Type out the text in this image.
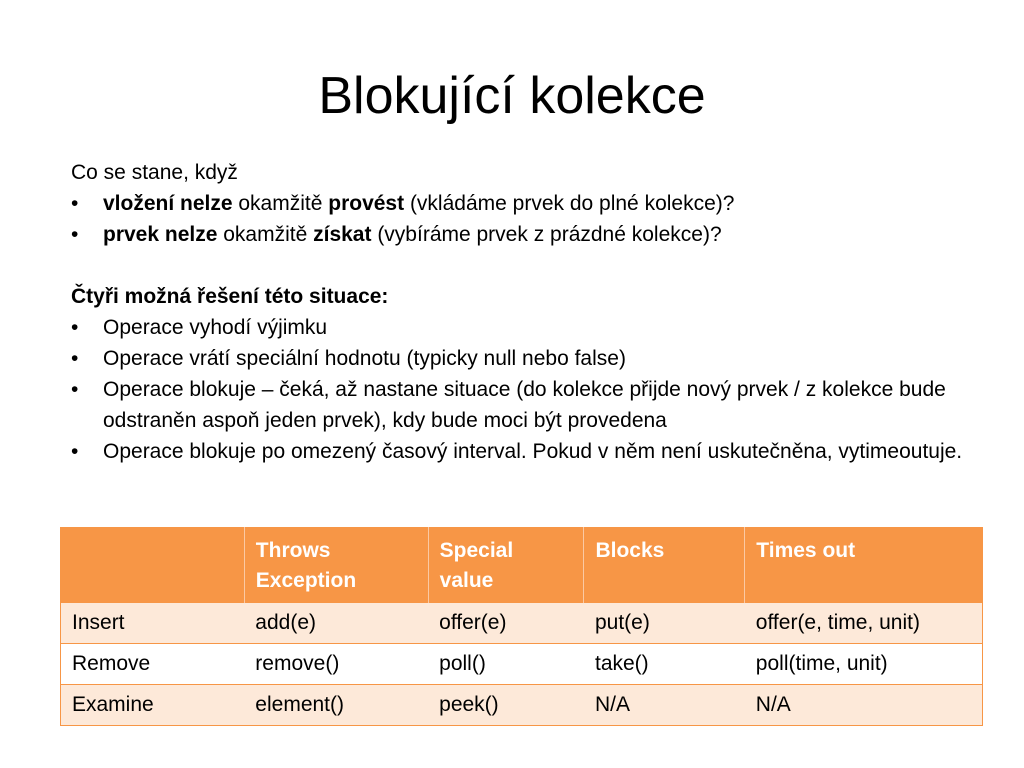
Blokující kolekce

Co se stane, když

•	vložení nelze okamžitě provést (vkládáme prvek do plné kolekce)?
•	prvek nelze okamžitě získat (vybíráme prvek z prázdné kolekce)?

Čtyři možná řešení této situace:

•	Operace vyhodí výjimku
•	Operace vrátí speciální hodnotu (typicky null nebo false)
•	Operace blokuje – čeká, až nastane situace (do kolekce přijde nový prvek / z kolekce bude odstraněn aspoň jeden prvek), kdy bude moci být provedena
•	Operace blokuje po omezený časový interval. Pokud v něm není uskutečněna, vytimeoutuje.
	Throws Exception	Special value	Blocks	Times out
Insert	add(e)	offer(e)	put(e)	offer(e, time, unit)
Remove	remove()	poll()	take()	poll(time, unit)
Examine	element()	peek()	N/A	N/A
